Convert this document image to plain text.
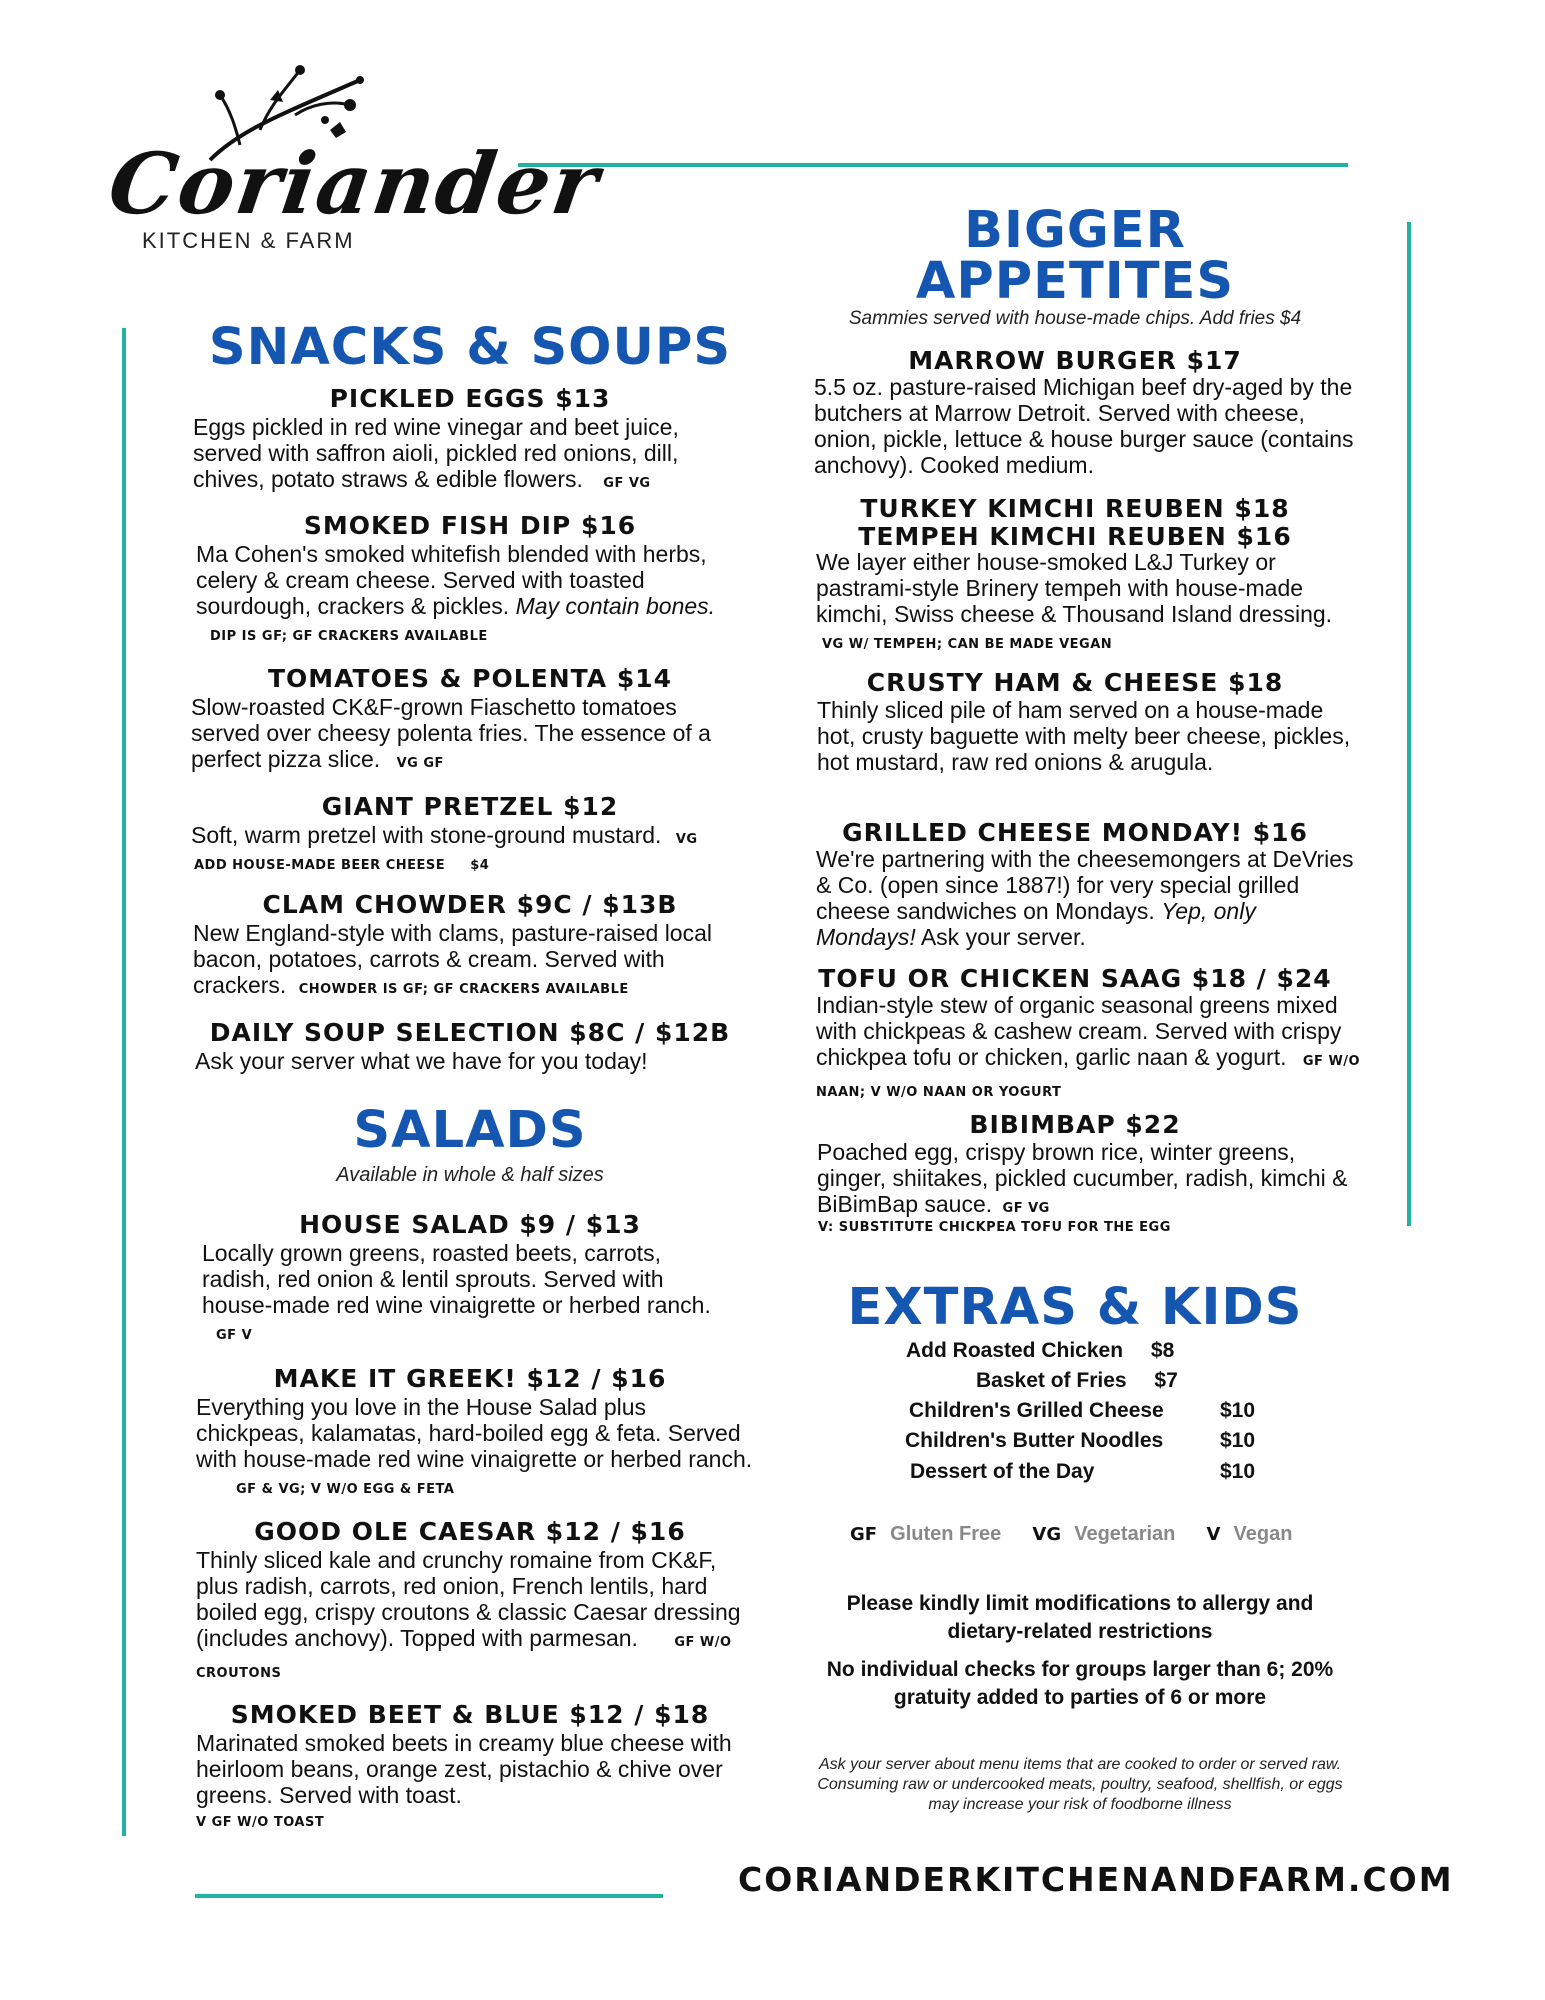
Coriander
KITCHEN & FARM
SNACKS & SOUPS
PICKLED EGGS $13
Eggs pickled in red wine vinegar and beet juice, served with saffron aioli, pickled red onions, dill, chives, potato straws & edible flowers. GF VG
SMOKED FISH DIP $16
Ma Cohen's smoked whitefish blended with herbs, celery & cream cheese. Served with toasted sourdough, crackers & pickles. May contain bones. DIP IS GF; GF CRACKERS AVAILABLE
TOMATOES & POLENTA $14
Slow-roasted CK&F-grown Fiaschetto tomatoes served over cheesy polenta fries. The essence of a perfect pizza slice. VG GF
GIANT PRETZEL $12
Soft, warm pretzel with stone-ground mustard. VG
ADD HOUSE-MADE BEER CHEESE     $4
CLAM CHOWDER $9C / $13B
New England-style with clams, pasture-raised local bacon, potatoes, carrots & cream. Served with crackers. CHOWDER IS GF; GF CRACKERS AVAILABLE
DAILY SOUP SELECTION $8C / $12B
Ask your server what we have for you today!
SALADS
Available in whole & half sizes
HOUSE SALAD $9 / $13
Locally grown greens, roasted beets, carrots, radish, red onion & lentil sprouts. Served with house-made red wine vinaigrette or herbed ranch. GF V
MAKE IT GREEK! $12 / $16
Everything you love in the House Salad plus chickpeas, kalamatas, hard-boiled egg & feta. Served with house-made red wine vinaigrette or herbed ranch. GF & VG; V W/O EGG & FETA
GOOD OLE CAESAR $12 / $16
Thinly sliced kale and crunchy romaine from CK&F, plus radish, carrots, red onion, French lentils, hard boiled egg, crispy croutons & classic Caesar dressing (includes anchovy). Topped with parmesan.	GF W/O CROUTONS
SMOKED BEET & BLUE $12 / $18
Marinated smoked beets in creamy blue cheese with heirloom beans, orange zest, pistachio & chive over greens. Served with toast.
V GF W/O TOAST
BIGGER
APPETITES
Sammies served with house-made chips. Add fries $4
MARROW BURGER $17
5.5 oz. pasture-raised Michigan beef dry-aged by the butchers at Marrow Detroit. Served with cheese, onion, pickle, lettuce & house burger sauce (contains anchovy). Cooked medium.
TURKEY KIMCHI REUBEN $18
TEMPEH KIMCHI REUBEN $16
We layer either house-smoked L&J Turkey or pastrami-style Brinery tempeh with house-made kimchi, Swiss cheese & Thousand Island dressing. VG W/ TEMPEH; CAN BE MADE VEGAN
CRUSTY HAM & CHEESE $18
Thinly sliced pile of ham served on a house-made hot, crusty baguette with melty beer cheese, pickles, hot mustard, raw red onions & arugula.
GRILLED CHEESE MONDAY! $16
We're partnering with the cheesemongers at DeVries & Co. (open since 1887!) for very special grilled cheese sandwiches on Mondays. Yep, only Mondays! Ask your server.
TOFU OR CHICKEN SAAG $18 / $24
Indian-style stew of organic seasonal greens mixed with chickpeas & cashew cream. Served with crispy chickpea tofu or chicken, garlic naan & yogurt. GF W/O NAAN; V W/O NAAN OR YOGURT
BIBIMBAP $22
Poached egg, crispy brown rice, winter greens, ginger, shiitakes, pickled cucumber, radish, kimchi & BiBimBap sauce. GF VG
V: SUBSTITUTE CHICKPEA TOFU FOR THE EGG
EXTRAS & KIDS
Add Roasted Chicken $8
Basket of Fries $7
Children's Grilled Cheese	$10
Children's Butter Noodles	$10
Dessert of the Day	$10
GF Gluten Free VG Vegetarian V Vegan
Please kindly limit modifications to allergy and dietary-related restrictions
No individual checks for groups larger than 6; 20% gratuity added to parties of 6 or more
Ask your server about menu items that are cooked to order or served raw. Consuming raw or undercooked meats, poultry, seafood, shellfish, or eggs may increase your risk of foodborne illness
CORIANDERKITCHENANDFARM.COM
